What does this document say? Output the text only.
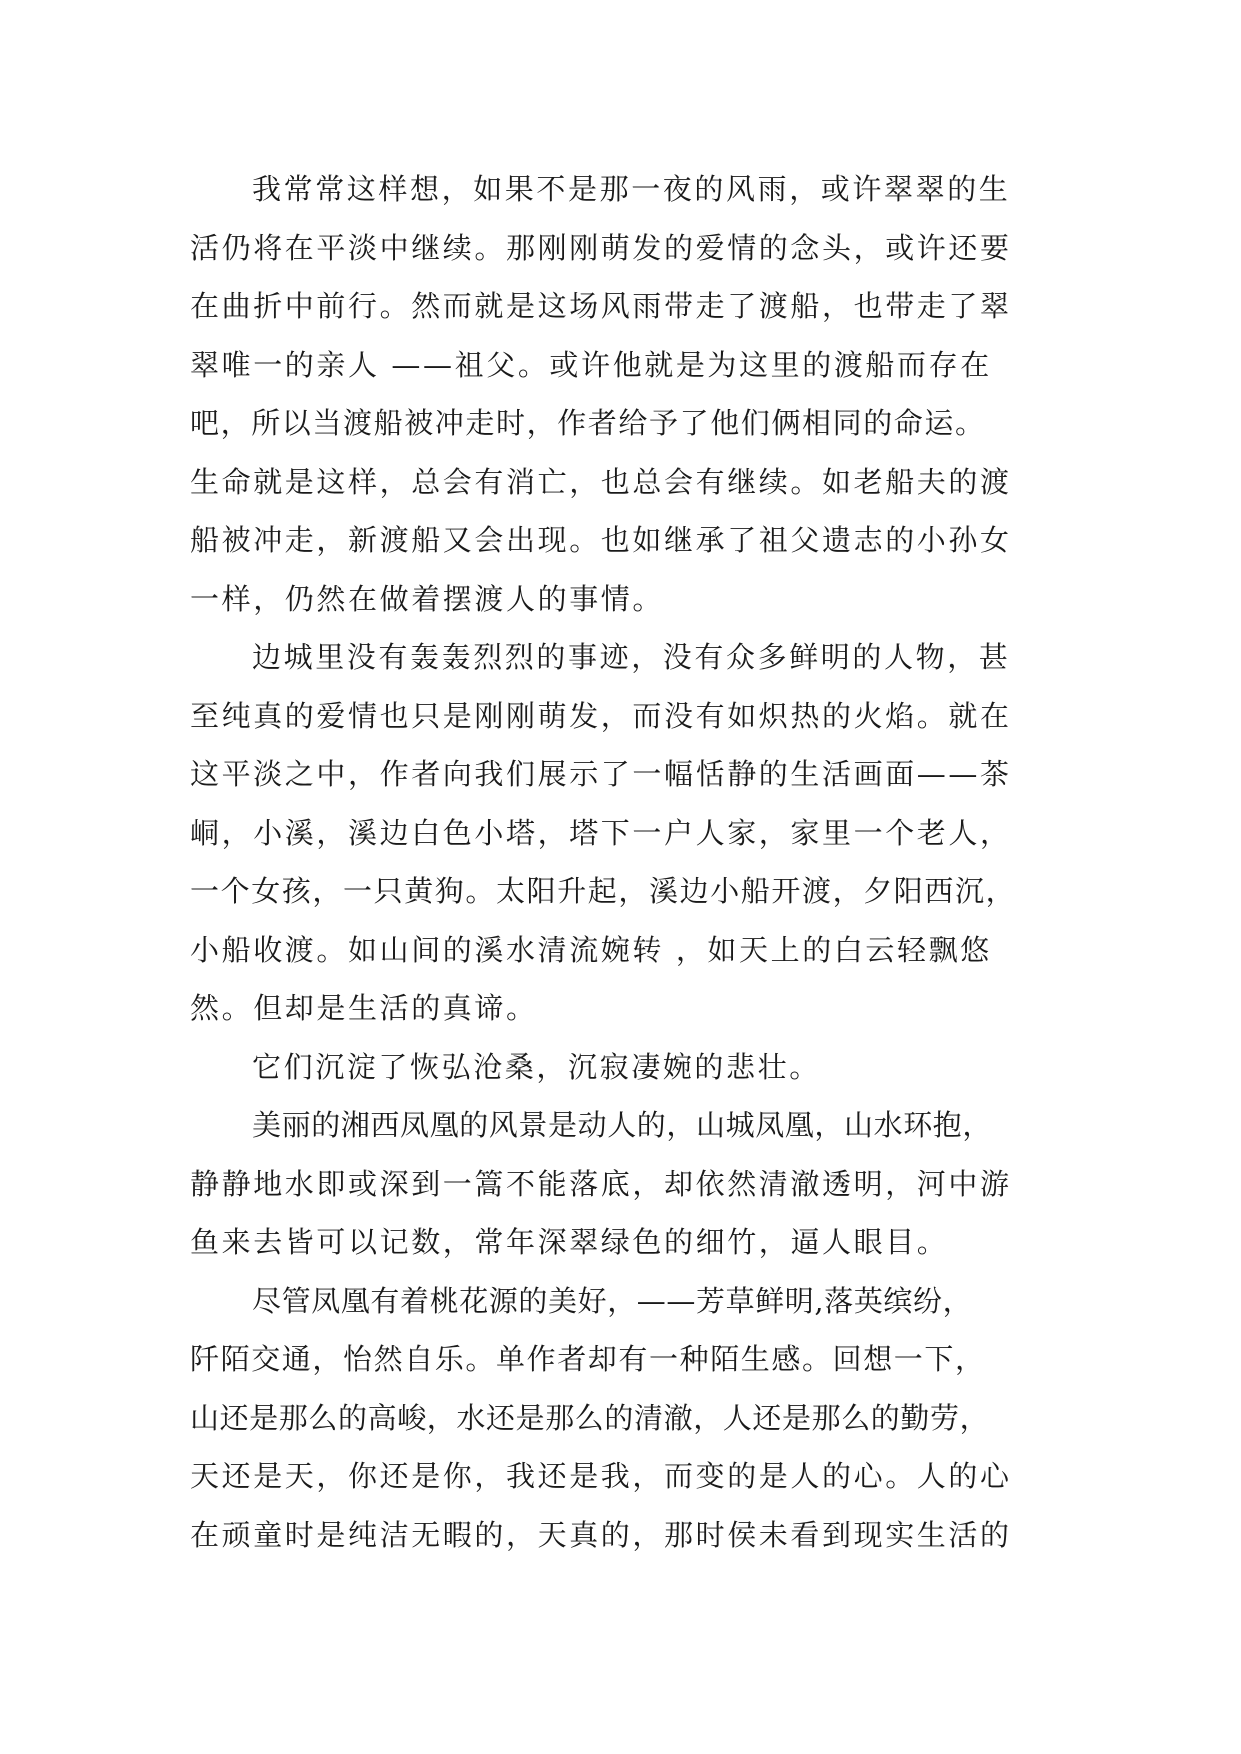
我常常这样想，如果不是那一夜的风雨，或许翠翠的生
活仍将在平淡中继续。那刚刚萌发的爱情的念头，或许还要
在曲折中前行。然而就是这场风雨带走了渡船，也带走了翠
翠唯一的亲人 ——祖父。或许他就是为这里的渡船而存在
吧，所以当渡船被冲走时，作者给予了他们俩相同的命运。
生命就是这样，总会有消亡，也总会有继续。如老船夫的渡
船被冲走，新渡船又会出现。也如继承了祖父遗志的小孙女
一样，仍然在做着摆渡人的事情。
边城里没有轰轰烈烈的事迹，没有众多鲜明的人物，甚
至纯真的爱情也只是刚刚萌发，而没有如炽热的火焰。就在
这平淡之中，作者向我们展示了一幅恬静的生活画面——茶
峒，小溪，溪边白色小塔，塔下一户人家，家里一个老人，
一个女孩，一只黄狗。太阳升起，溪边小船开渡，夕阳西沉，
小船收渡。如山间的溪水清流婉转 ，如天上的白云轻飘悠
然。但却是生活的真谛。
它们沉淀了恢弘沧桑，沉寂凄婉的悲壮。
美丽的湘西凤凰的风景是动人的，山城凤凰，山水环抱，
静静地水即或深到一篙不能落底，却依然清澈透明，河中游
鱼来去皆可以记数，常年深翠绿色的细竹，逼人眼目。
尽管凤凰有着桃花源的美好，——芳草鲜明,落英缤纷，
阡陌交通，怡然自乐。单作者却有一种陌生感。回想一下，
山还是那么的高峻，水还是那么的清澈，人还是那么的勤劳，
天还是天，你还是你，我还是我，而变的是人的心。人的心
在顽童时是纯洁无暇的，天真的，那时侯未看到现实生活的
